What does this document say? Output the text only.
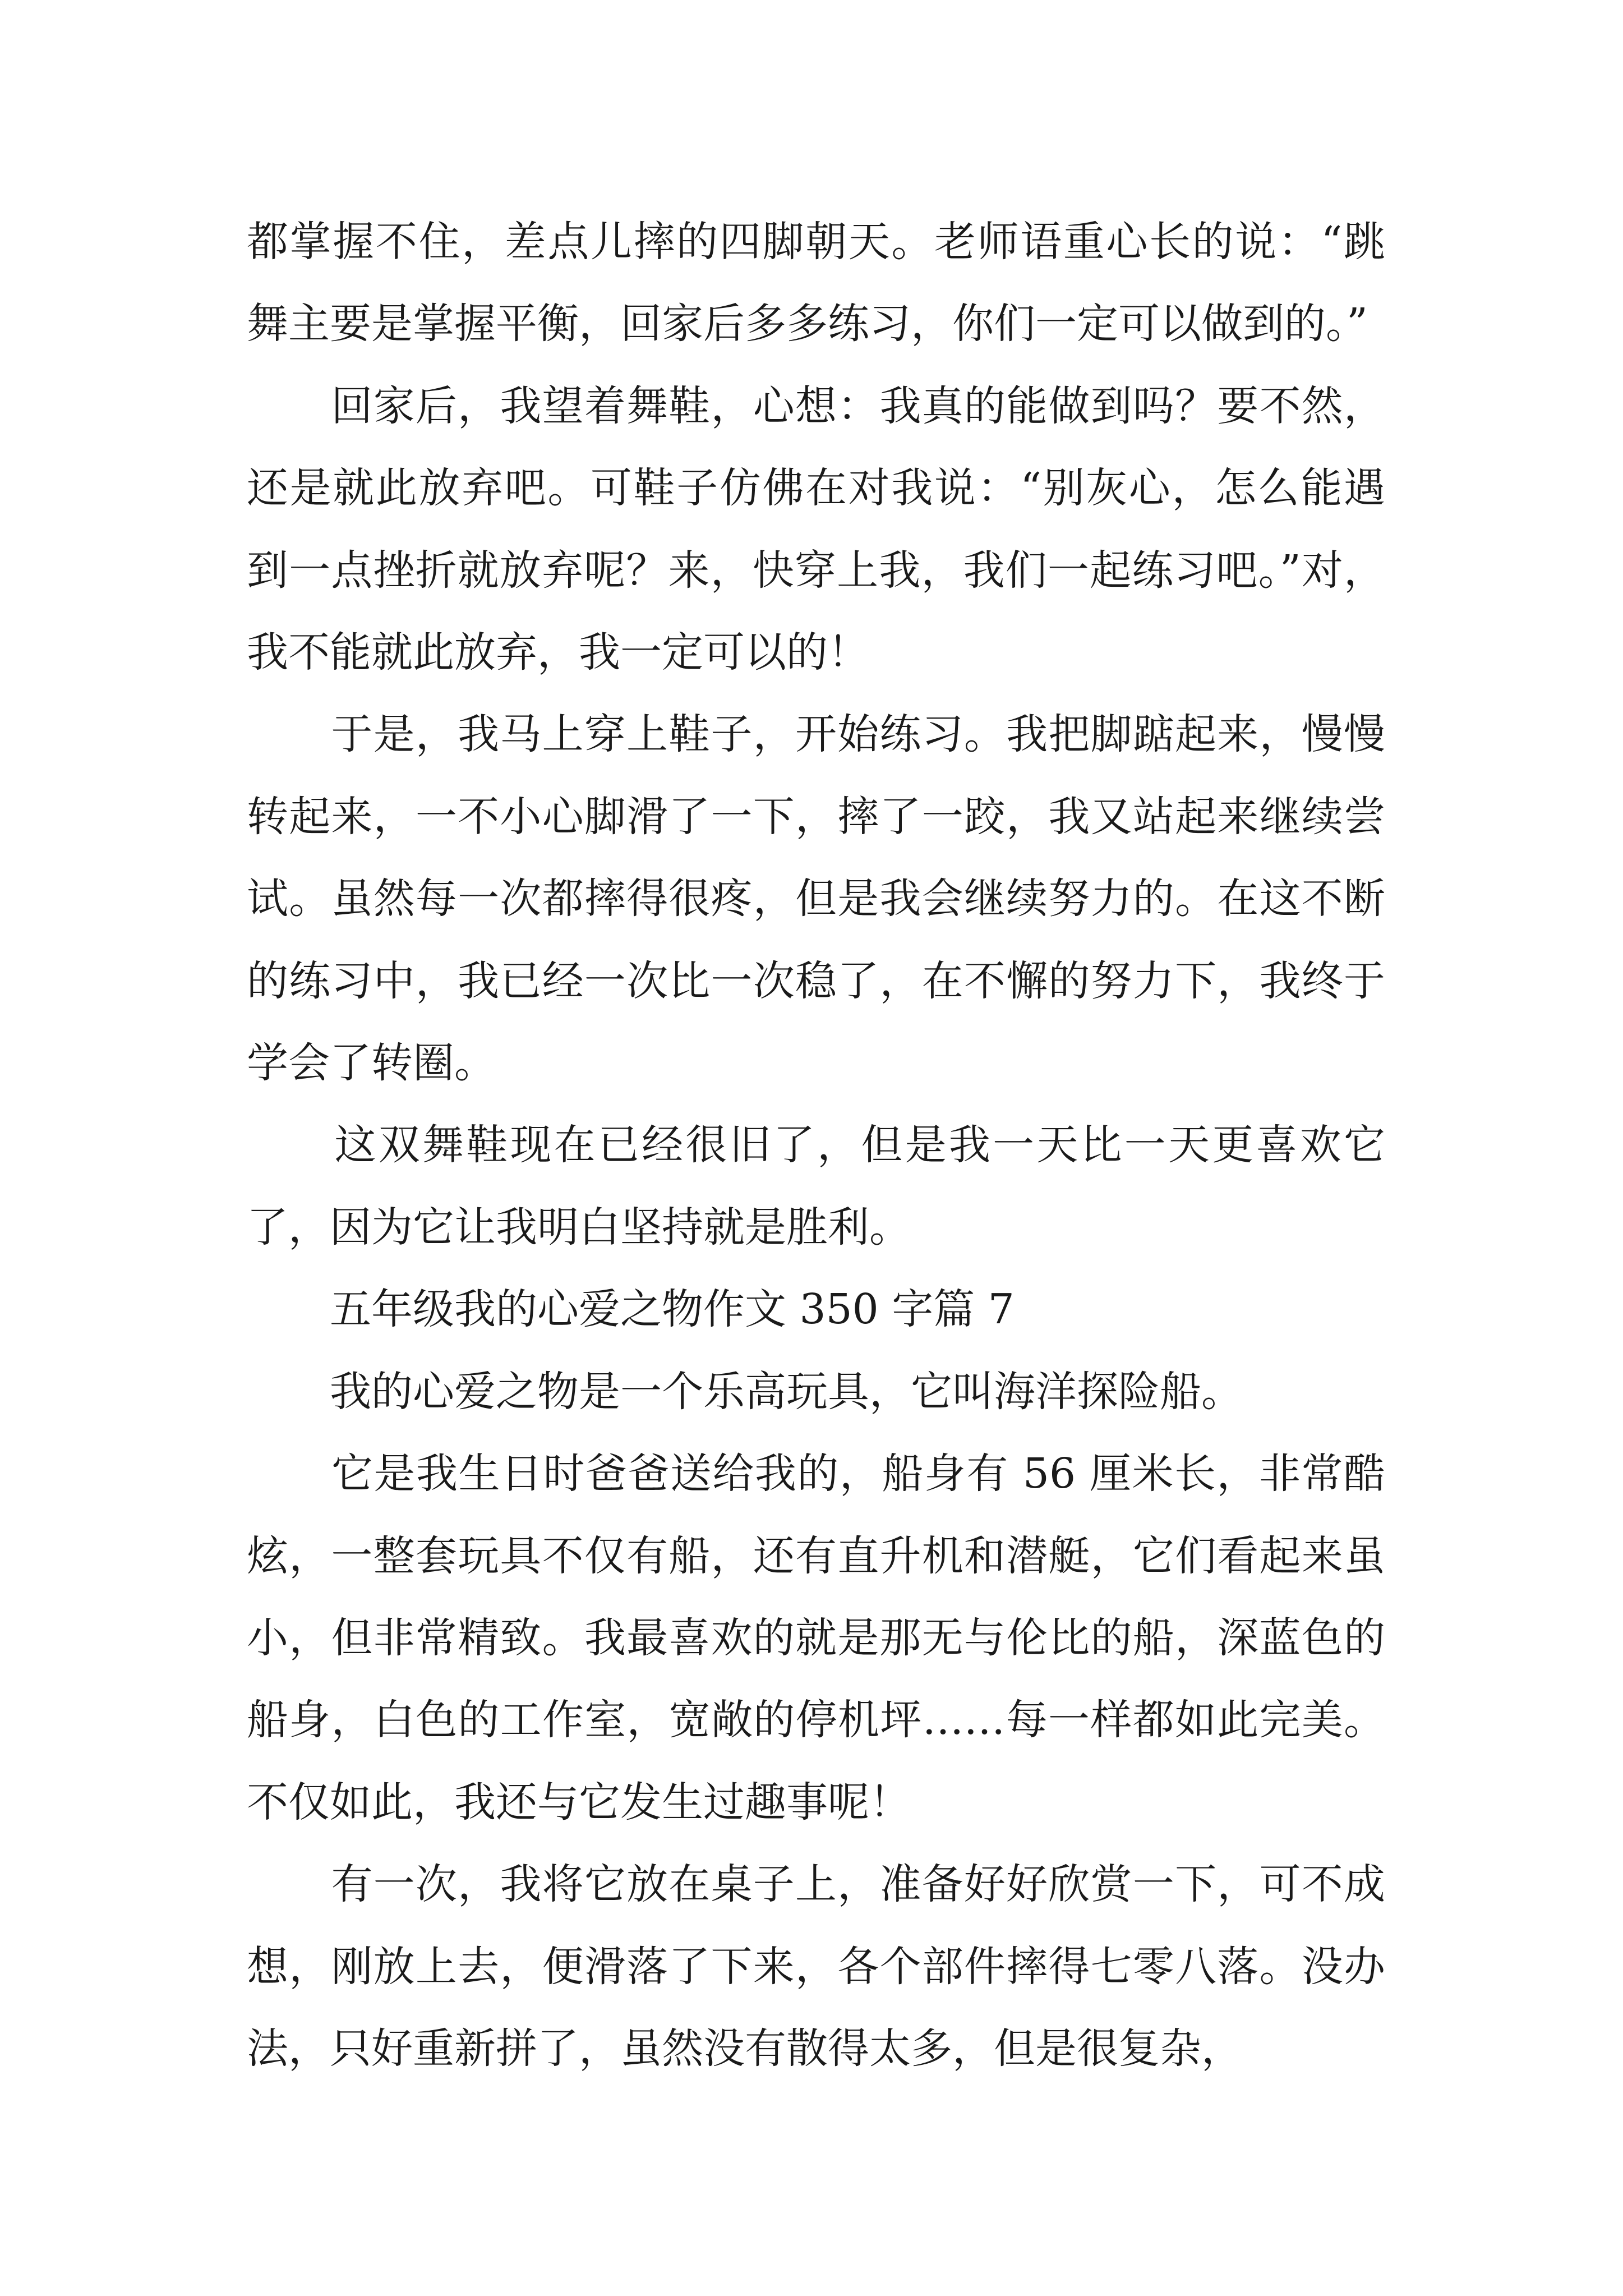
都掌握不住，差点儿摔的四脚朝天。老师语重心长的说：“跳舞主要是掌握平衡，回家后多多练习，你们一定可以做到的。”

　　回家后，我望着舞鞋，心想：我真的能做到吗？要不然，还是就此放弃吧。可鞋子仿佛在对我说：“别灰心，怎么能遇到一点挫折就放弃呢？来，快穿上我，我们一起练习吧。”对，我不能就此放弃，我一定可以的！

　　于是，我马上穿上鞋子，开始练习。我把脚踮起来，慢慢转起来，一不小心脚滑了一下，摔了一跤，我又站起来继续尝试。虽然每一次都摔得很疼，但是我会继续努力的。在这不断的练习中，我已经一次比一次稳了，在不懈的努力下，我终于学会了转圈。

　　这双舞鞋现在已经很旧了，但是我一天比一天更喜欢它了，因为它让我明白坚持就是胜利。

　　五年级我的心爱之物作文 350 字篇 7

　　我的心爱之物是一个乐高玩具，它叫海洋探险船。

　　它是我生日时爸爸送给我的，船身有 56 厘米长，非常酷炫，一整套玩具不仅有船，还有直升机和潜艇，它们看起来虽小，但非常精致。我最喜欢的就是那无与伦比的船，深蓝色的船身，白色的工作室，宽敞的停机坪……每一样都如此完美。不仅如此，我还与它发生过趣事呢！

　　有一次，我将它放在桌子上，准备好好欣赏一下，可不成想，刚放上去，便滑落了下来，各个部件摔得七零八落。没办法，只好重新拼了，虽然没有散得太多，但是很复杂，
